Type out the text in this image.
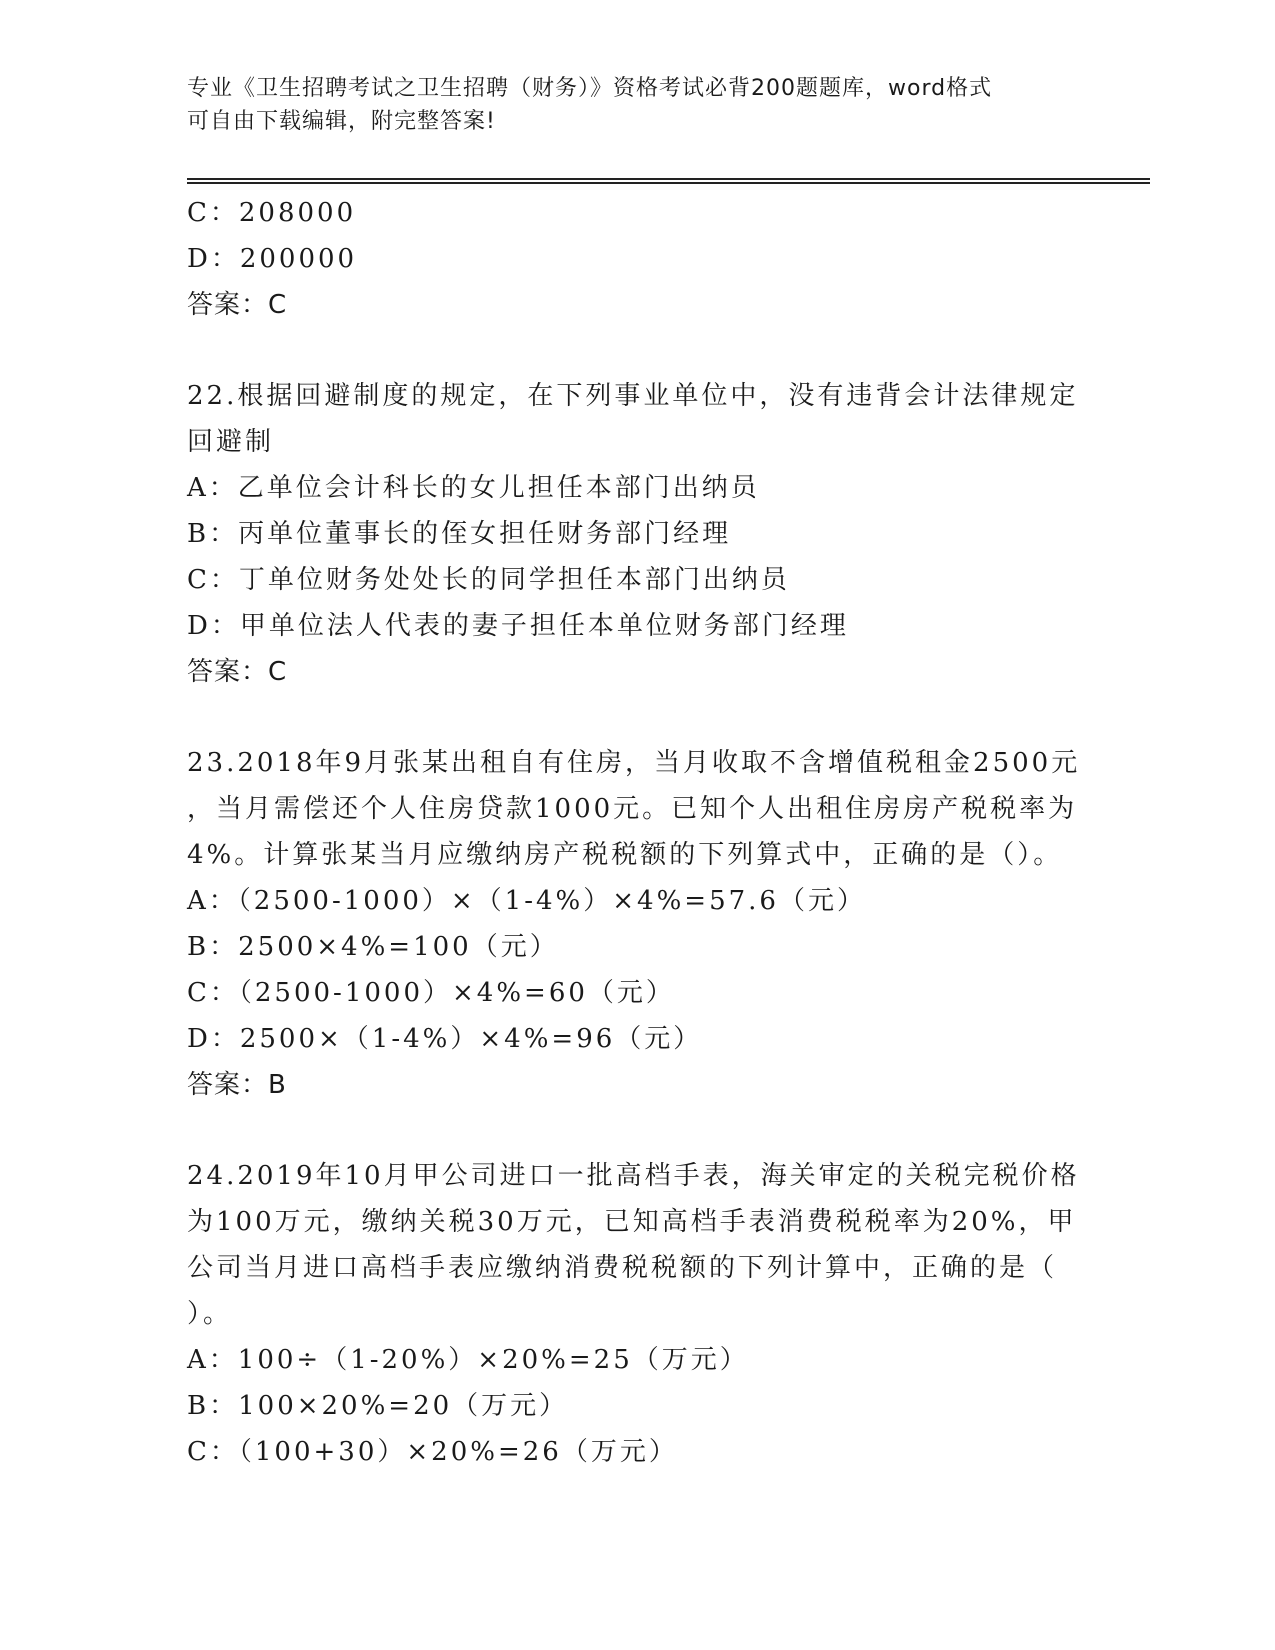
专业《卫生招聘考试之卫生招聘（财务）》资格考试必背200题题库，word格式
可自由下载编辑，附完整答案!
C：208000
D：200000
答案：C
22.根据回避制度的规定，在下列事业单位中，没有违背会计法律规定
回避制
A：乙单位会计科长的女儿担任本部门出纳员
B：丙单位董事长的侄女担任财务部门经理
C：丁单位财务处处长的同学担任本部门出纳员
D：甲单位法人代表的妻子担任本单位财务部门经理
答案：C
23.2018年9月张某出租自有住房，当月收取不含增值税租金2500元
，当月需偿还个人住房贷款1000元。已知个人出租住房房产税税率为
4%。计算张某当月应缴纳房产税税额的下列算式中，正确的是（）。
A：（2500-1000）×（1-4%）×4%=57.6（元）
B：2500×4%=100（元）
C：（2500-1000）×4%=60（元）
D：2500×（1-4%）×4%=96（元）
答案：B
24.2019年10月甲公司进口一批高档手表，海关审定的关税完税价格
为100万元，缴纳关税30万元，已知高档手表消费税税率为20%，甲
公司当月进口高档手表应缴纳消费税税额的下列计算中，正确的是（
）。
A：100÷（1-20%）×20%=25（万元）
B：100×20%=20（万元）
C：（100+30）×20%=26（万元）
